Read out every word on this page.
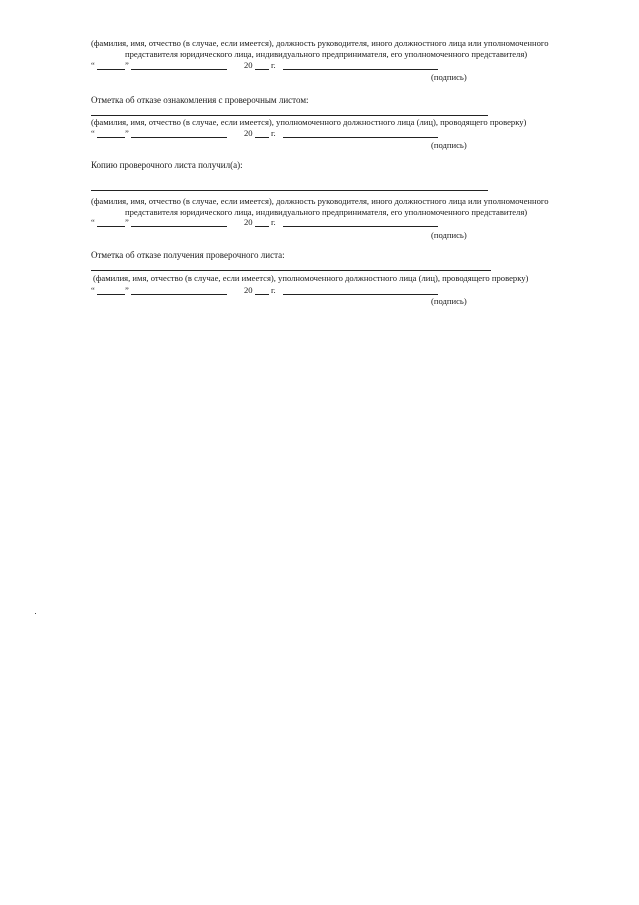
(фамилия, имя, отчество (в случае, если имеется), должность руководителя, иного должностного лица или уполномоченного
представителя юридического лица, индивидуального предпринимателя, его уполномоченного представителя)
“	”	20 г.
(подпись)
Отметка об отказе ознакомления с проверочным листом:
(фамилия, имя, отчество (в случае, если имеется), уполномоченного должностного лица (лиц), проводящего проверку)
“	”	20 г.
(подпись)
Копию проверочного листа получил(а):
(фамилия, имя, отчество (в случае, если имеется), должность руководителя, иного должностного лица или уполномоченного
представителя юридического лица, индивидуального предпринимателя, его уполномоченного представителя)
“	”	20 г.
(подпись)
Отметка об отказе получения проверочного листа:
(фамилия, имя, отчество (в случае, если имеется), уполномоченного должностного лица (лиц), проводящего проверку)
“	”	20 г.
(подпись)
